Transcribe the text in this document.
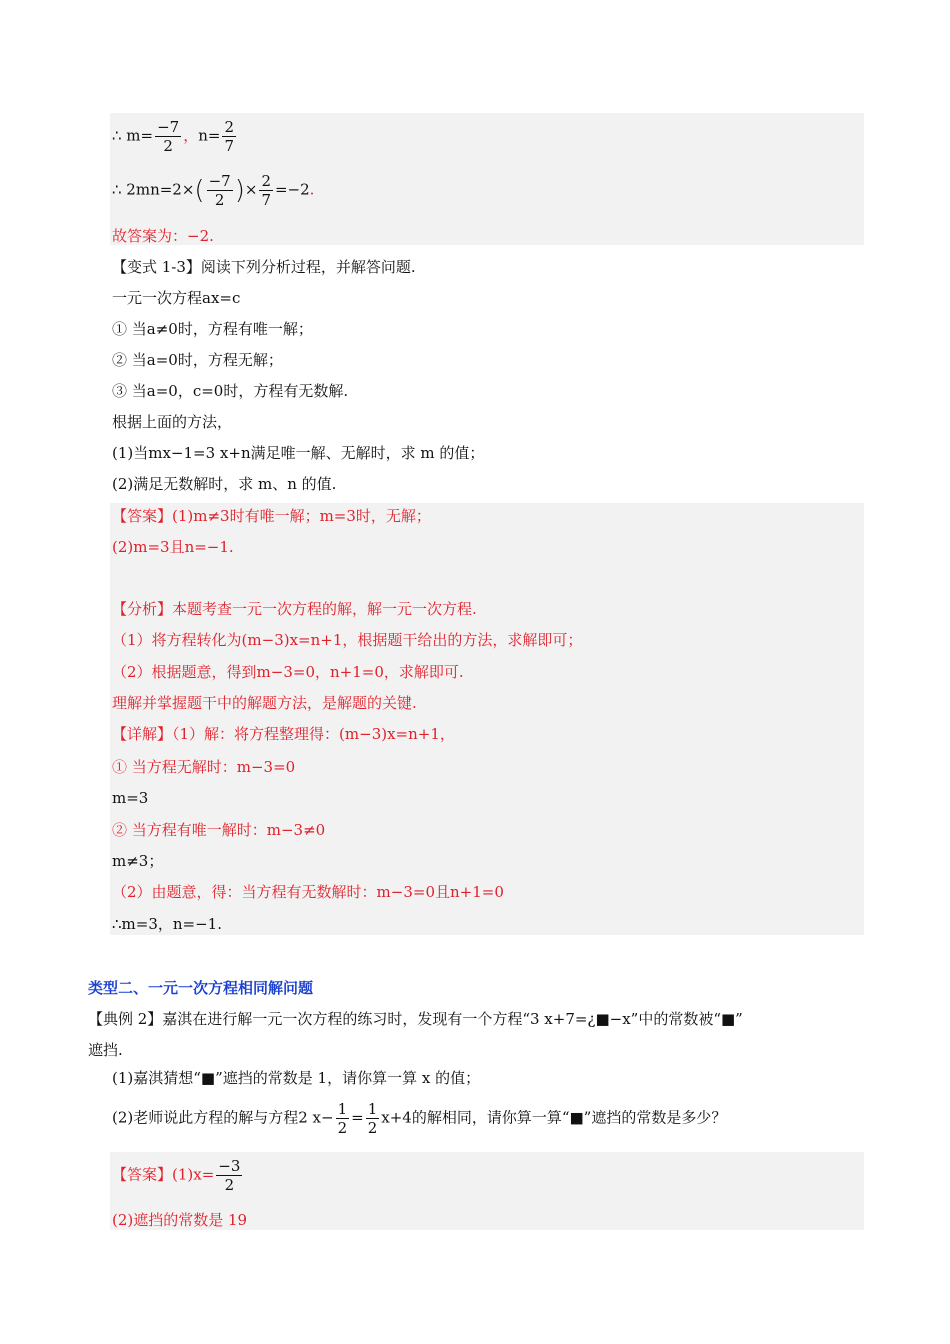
∴ $m= \frac{-7}{2}$ ，$n= \frac{2}{7}$
∴ $2mn=2\times( \frac{-7}{2}$ )× $\frac{2}{7} =-2$.
故答案为：−2.
【变式 1-3】阅读下列分析过程，并解答问题.
一元一次方程ax=c
① 当a≠0时，方程有唯一解；
② 当a=0时，方程无解；
③ 当a=0，c=0时，方程有无数解.
根据上面的方法，
(1)当mx−1=3 x+n满足唯一解、无解时，求 m 的值；
(2)满足无数解时，求 m、n 的值.
【答案】(1)m≠3时有唯一解；m=3时，无解；
(2)m=3且n=−1.
【分析】本题考查一元一次方程的解，解一元一次方程.
（1）将方程转化为(m−3)x=n+1，根据题干给出的方法，求解即可；
（2）根据题意，得到m−3=0，n+1=0，求解即可.
理解并掌握题干中的解题方法，是解题的关键.
【详解】（1）解：将方程整理得：(m−3)x=n+1，
① 当方程无解时：m−3=0
m=3
② 当方程有唯一解时：m−3≠0
m≠3；
（2）由题意，得：当方程有无数解时：m−3=0且n+1=0
∴m=3，n=−1.
类型二、一元一次方程相同解问题
【典例 2】嘉淇在进行解一元一次方程的练习时，发现有一个方程“3 x+7=¿■−x”中的常数被“■”
遮挡.
(1)嘉淇猜想“■”遮挡的常数是 1，请你算一算 x 的值；
(2)老师说此方程的解与方程2 $x- \frac{1}{2} = \frac{1}{2} x+4$的解相同，请你算一算“■”遮挡的常数是多少？
【答案】$(1)x= \frac{-3}{2}$
(2)遮挡的常数是 19
